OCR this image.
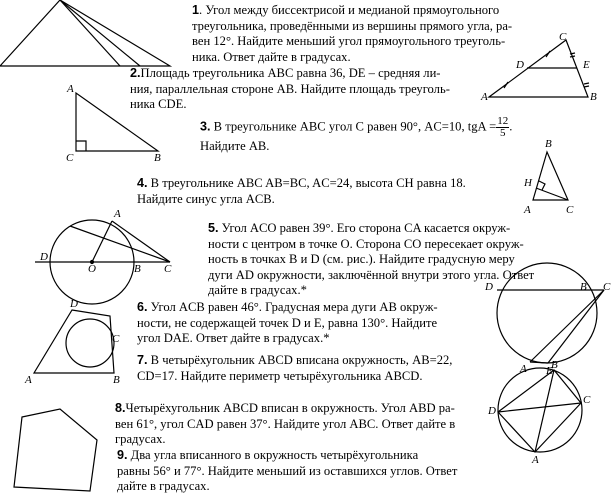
C
D	E
A	B
A
C	B
B
H
A	C
A
D
O	B C
D	B C
A E
D
C
A	B
B
C
D
A
1. Угол между биссектрисой и медианой прямоугольного
треугольника, проведёнными из вершины прямого угла, ра-
вен 12°. Найдите меньший угол прямоугольного треуголь-
ника. Ответ дайте в градусах.
2.Площадь треугольника ABC равна 36, DE – средняя ли-
ния, параллельная стороне AB. Найдите площадь треуголь-
ника CDE.
3. В треугольнике ABC угол C равен 90°, AC=10, tgA = $\frac{12}{5}$ .
Найдите AB.
4. В треугольнике ABC AB=BC, AC=24, высота CH равна 18.
Найдите синус угла ACB.
5. Угол ACO равен 39°. Его сторона CA касается окруж-
ности с центром в точке O. Сторона CO пересекает окруж-
ность в точках B и D (см. рис.). Найдите градусную меру
дуги AD окружности, заключённой внутри этого угла. Ответ
дайте в градусах.*
6. Угол ACB равен 46°. Градусная мера дуги AB окруж-
ности, не содержащей точек D и E, равна 130°. Найдите
угол DAE. Ответ дайте в градусах.*
7. В четырёхугольник ABCD вписана окружность, AB=22,
CD=17. Найдите периметр четырёхугольника ABCD.
8.Четырёхугольник ABCD вписан в окружность. Угол ABD ра-
вен 61°, угол CAD равен 37°. Найдите угол ABC. Ответ дайте в
градусах.
9. Два угла вписанного в окружность четырёхугольника
равны 56° и 77°. Найдите меньший из оставшихся углов. Ответ
дайте в градусах.
